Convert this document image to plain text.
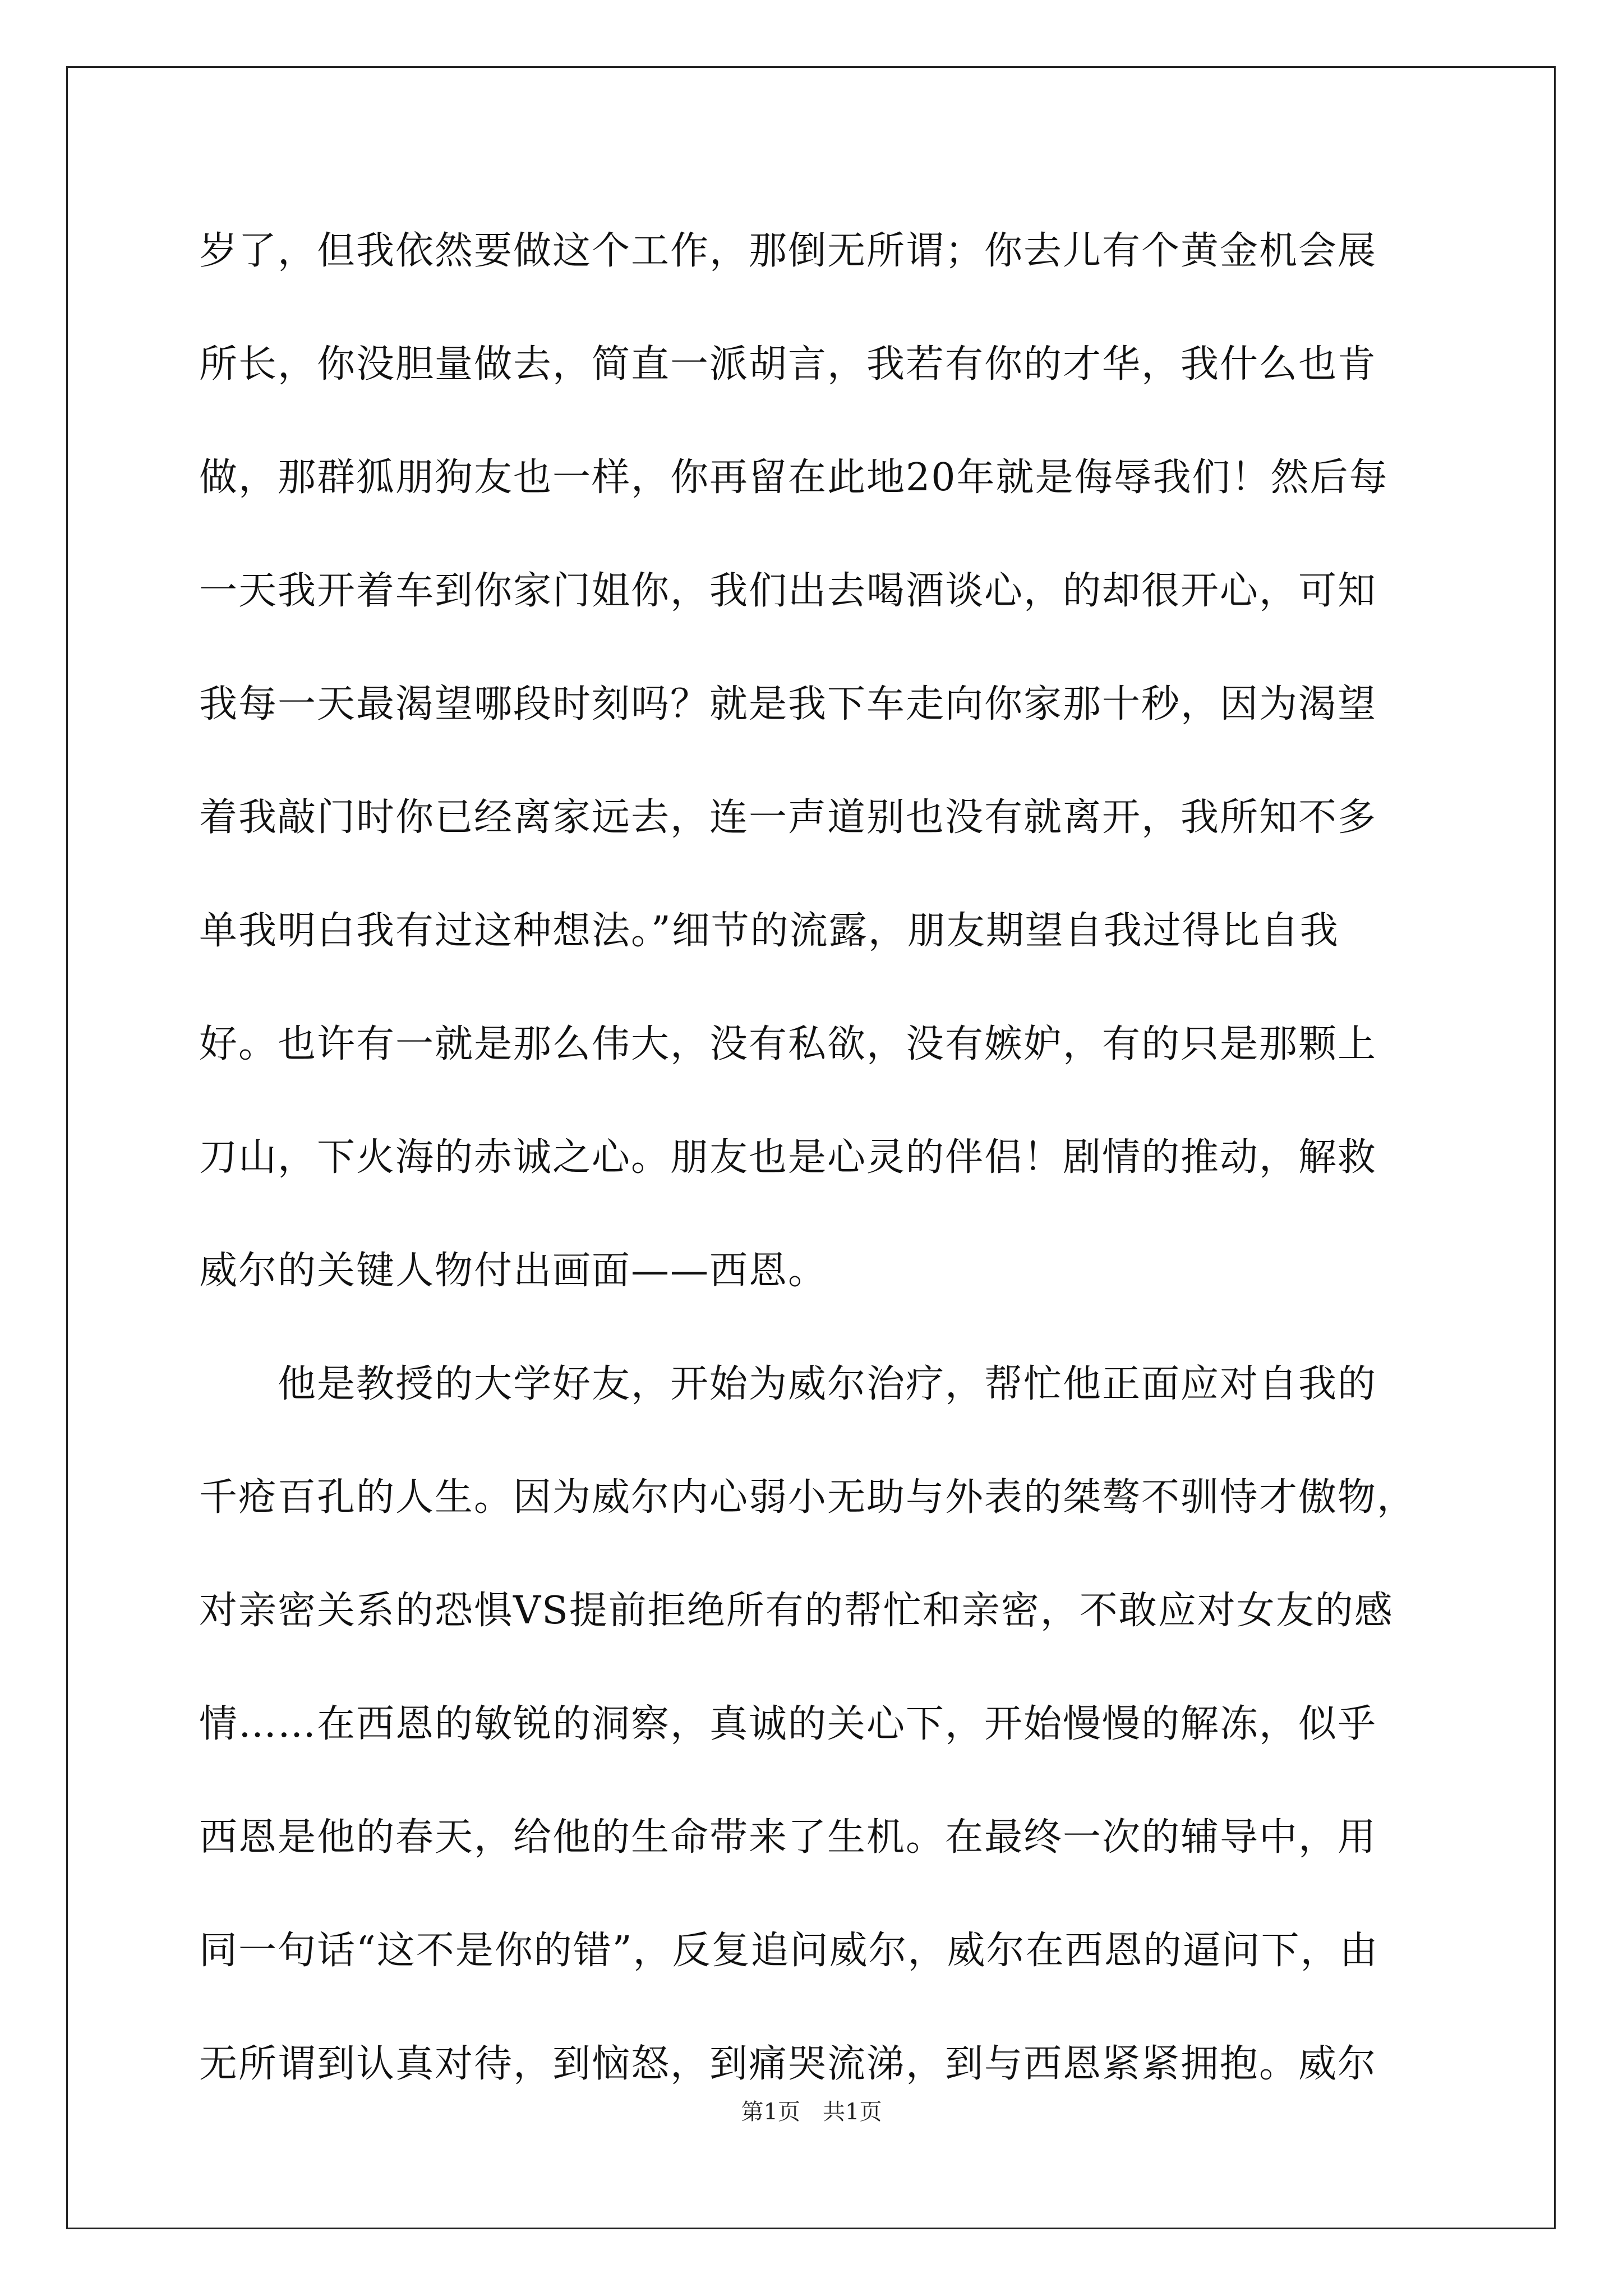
岁了，但我依然要做这个工作，那倒无所谓；你去儿有个黄金机会展
所长，你没胆量做去，简直一派胡言，我若有你的才华，我什么也肯
做，那群狐朋狗友也一样，你再留在此地20年就是侮辱我们！然后每
一天我开着车到你家门姐你，我们出去喝酒谈心，的却很开心，可知
我每一天最渴望哪段时刻吗？就是我下车走向你家那十秒，因为渴望
着我敲门时你已经离家远去，连一声道别也没有就离开，我所知不多
单我明白我有过这种想法。”细节的流露，朋友期望自我过得比自我
好。也许有一就是那么伟大，没有私欲，没有嫉妒，有的只是那颗上
刀山，下火海的赤诚之心。朋友也是心灵的伴侣！剧情的推动，解救
威尔的关键人物付出画面——西恩。
　　他是教授的大学好友，开始为威尔治疗，帮忙他正面应对自我的
千疮百孔的人生。因为威尔内心弱小无助与外表的桀骜不驯恃才傲物，
对亲密关系的恐惧VS提前拒绝所有的帮忙和亲密，不敢应对女友的感
情……在西恩的敏锐的洞察，真诚的关心下，开始慢慢的解冻，似乎
西恩是他的春天，给他的生命带来了生机。在最终一次的辅导中，用
同一句话“这不是你的错”，反复追问威尔，威尔在西恩的逼问下，由
无所谓到认真对待，到恼怒，到痛哭流涕，到与西恩紧紧拥抱。威尔
第1页　共1页
